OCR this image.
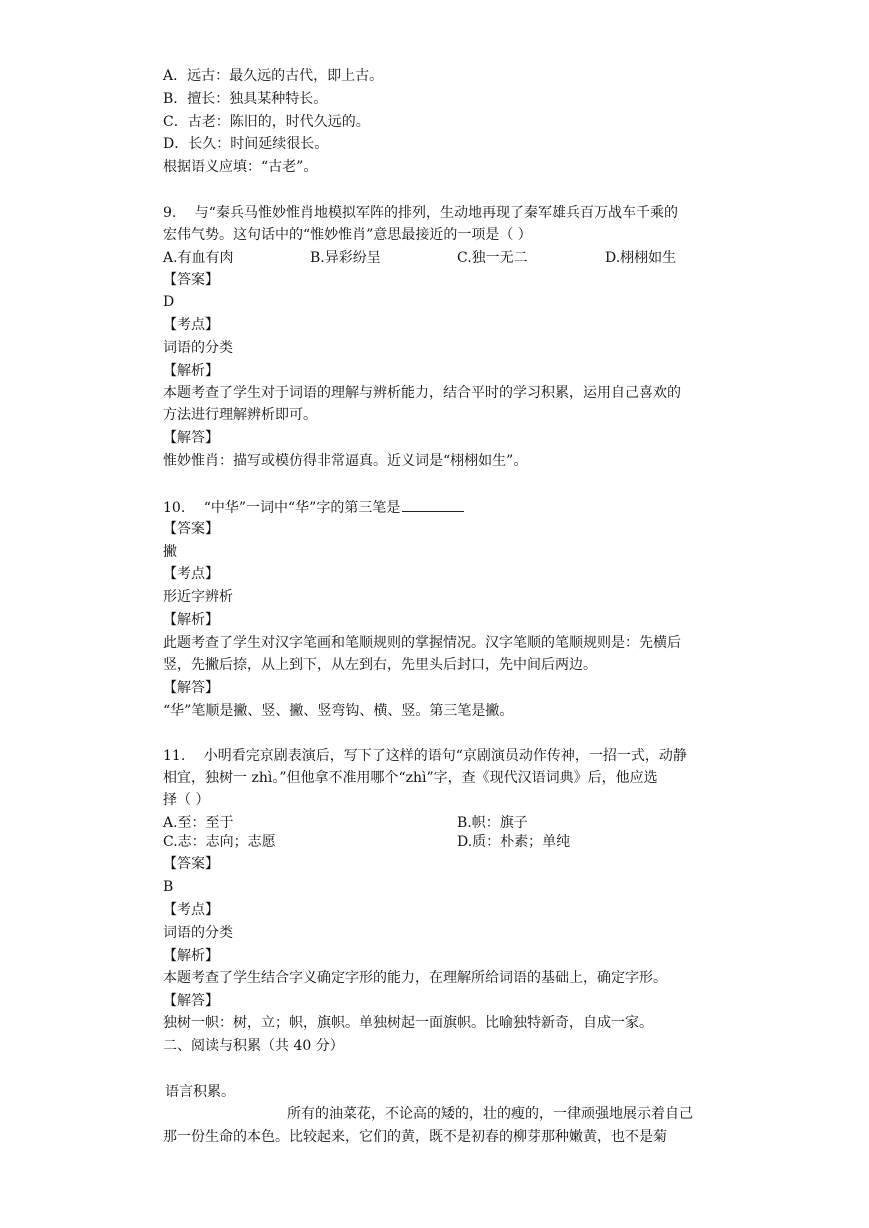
A．远古：最久远的古代，即上古。
B．擅长：独具某种特长。
C．古老：陈旧的，时代久远的。
D．长久：时间延续很长。
根据语义应填：“古老”。
9.　 与“秦兵马惟妙惟肖地模拟军阵的排列，生动地再现了秦军雄兵百万战车千乘的
宏伟气势。这句话中的“惟妙惟肖”意思最接近的一项是（ ）
A.有血有肉	B.异彩纷呈	C.独一无二	D.栩栩如生
【答案】
D
【考点】
词语的分类
【解析】
本题考查了学生对于词语的理解与辨析能力，结合平时的学习积累，运用自己喜欢的
方法进行理解辨析即可。
【解答】
惟妙惟肖：描写或模仿得非常逼真。近义词是“栩栩如生”。
10.　 “中华”一词中“华”字的第三笔是
【答案】
撇
【考点】
形近字辨析
【解析】
此题考查了学生对汉字笔画和笔顺规则的掌握情况。汉字笔顺的笔顺规则是：先横后
竖，先撇后捺，从上到下，从左到右，先里头后封口，先中间后两边。
【解答】
“华”笔顺是撇、竖、撇、竖弯钩、横、竖。第三笔是撇。
11.　 小明看完京剧表演后，写下了这样的语句“京剧演员动作传神，一招一式，动静
相宜，独树一 zhì。”但他拿不准用哪个“zhì”字，查《现代汉语词典》后，他应选
择（ ）
A.至：至于	B.帜：旗子
C.志：志向；志愿	D.质：朴素；单纯
【答案】
B
【考点】
词语的分类
【解析】
本题考查了学生结合字义确定字形的能力，在理解所给词语的基础上，确定字形。
【解答】
独树一帜：树，立；帜，旗帜。单独树起一面旗帜。比喻独特新奇，自成一家。
二、阅读与积累（共 40 分）
语言积累。
所有的油菜花，不论高的矮的，壮的瘦的，一律顽强地展示着自己
那一份生命的本色。比较起来，它们的黄，既不是初春的柳芽那种嫩黄，也不是菊
